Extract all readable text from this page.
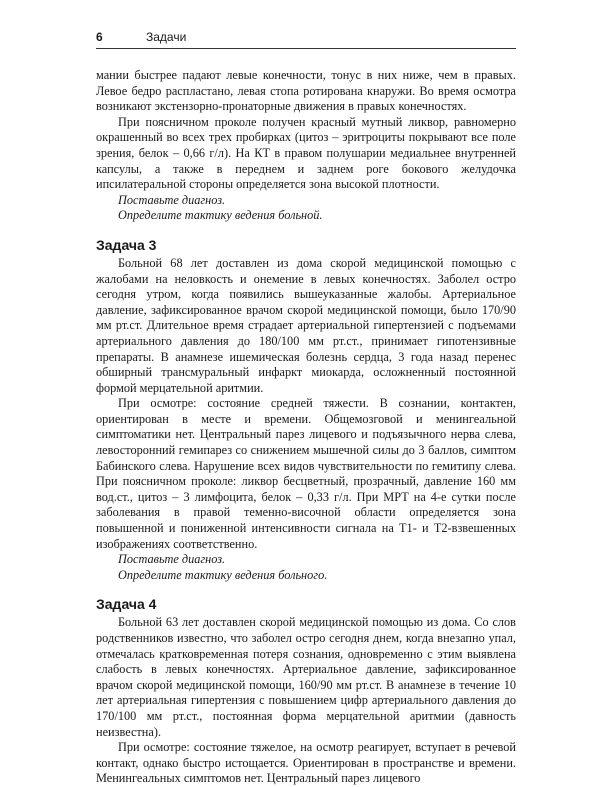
6	Задачи

мании быстрее падают левые конечности, тонус в них ниже, чем в правых. Левое бедро распластано, левая стопа ротирована кнаружи. Во время осмотра возникают экстензорно-пронаторные движения в правых конечностях.

При поясничном проколе получен красный мутный ликвор, равномерно окрашенный во всех трех пробирках (цитоз – эритроциты покрывают все поле зрения, белок – 0,66 г/л). На КТ в правом полушарии медиальнее внутренней капсулы, а также в переднем и заднем роге бокового желудочка ипсилатеральной стороны определяется зона высокой плотности.

Поставьте диагноз.

Определите тактику ведения больной.

Задача 3

Больной 68 лет доставлен из дома скорой медицинской помощью с жалобами на неловкость и онемение в левых конечностях. Заболел остро сегодня утром, когда появились вышеуказанные жалобы. Артериальное давление, зафиксированное врачом скорой медицинской помощи, было 170/90 мм рт.ст. Длительное время страдает артериальной гипертензией с подъемами артериального давления до 180/100 мм рт.ст., принимает гипотензивные препараты. В анамнезе ишемическая болезнь сердца, 3 года назад перенес обширный трансмуральный инфаркт миокарда, осложненный постоянной формой мерцательной аритмии.

При осмотре: состояние средней тяжести. В сознании, контактен, ориентирован в месте и времени. Общемозговой и менингеальной симптоматики нет. Центральный парез лицевого и подъязычного нерва слева, левосторонний гемипарез со снижением мышечной силы до 3 баллов, симптом Бабинского слева. Нарушение всех видов чувствительности по гемитипу слева. При поясничном проколе: ликвор бесцветный, прозрачный, давление 160 мм вод.ст., цитоз – 3 лимфоцита, белок – 0,33 г/л. При МРТ на 4-е сутки после заболевания в правой теменно-височной области определяется зона повышенной и пониженной интенсивности сигнала на Т1- и Т2-взвешенных изображениях соответственно.

Поставьте диагноз.

Определите тактику ведения больного.

Задача 4

Больной 63 лет доставлен скорой медицинской помощью из дома. Со слов родственников известно, что заболел остро сегодня днем, когда внезапно упал, отмечалась кратковременная потеря сознания, одновременно с этим выявлена слабость в левых конечностях. Артериальное давление, зафиксированное врачом скорой медицинской помощи, 160/90 мм рт.ст. В анамнезе в течение 10 лет артериальная гипертензия с повышением цифр артериального давления до 170/100 мм рт.ст., постоянная форма мерцательной аритмии (давность неизвестна).

При осмотре: состояние тяжелое, на осмотр реагирует, вступает в речевой контакт, однако быстро истощается. Ориентирован в пространстве и времени. Менингеальных симптомов нет. Центральный парез лицевого
